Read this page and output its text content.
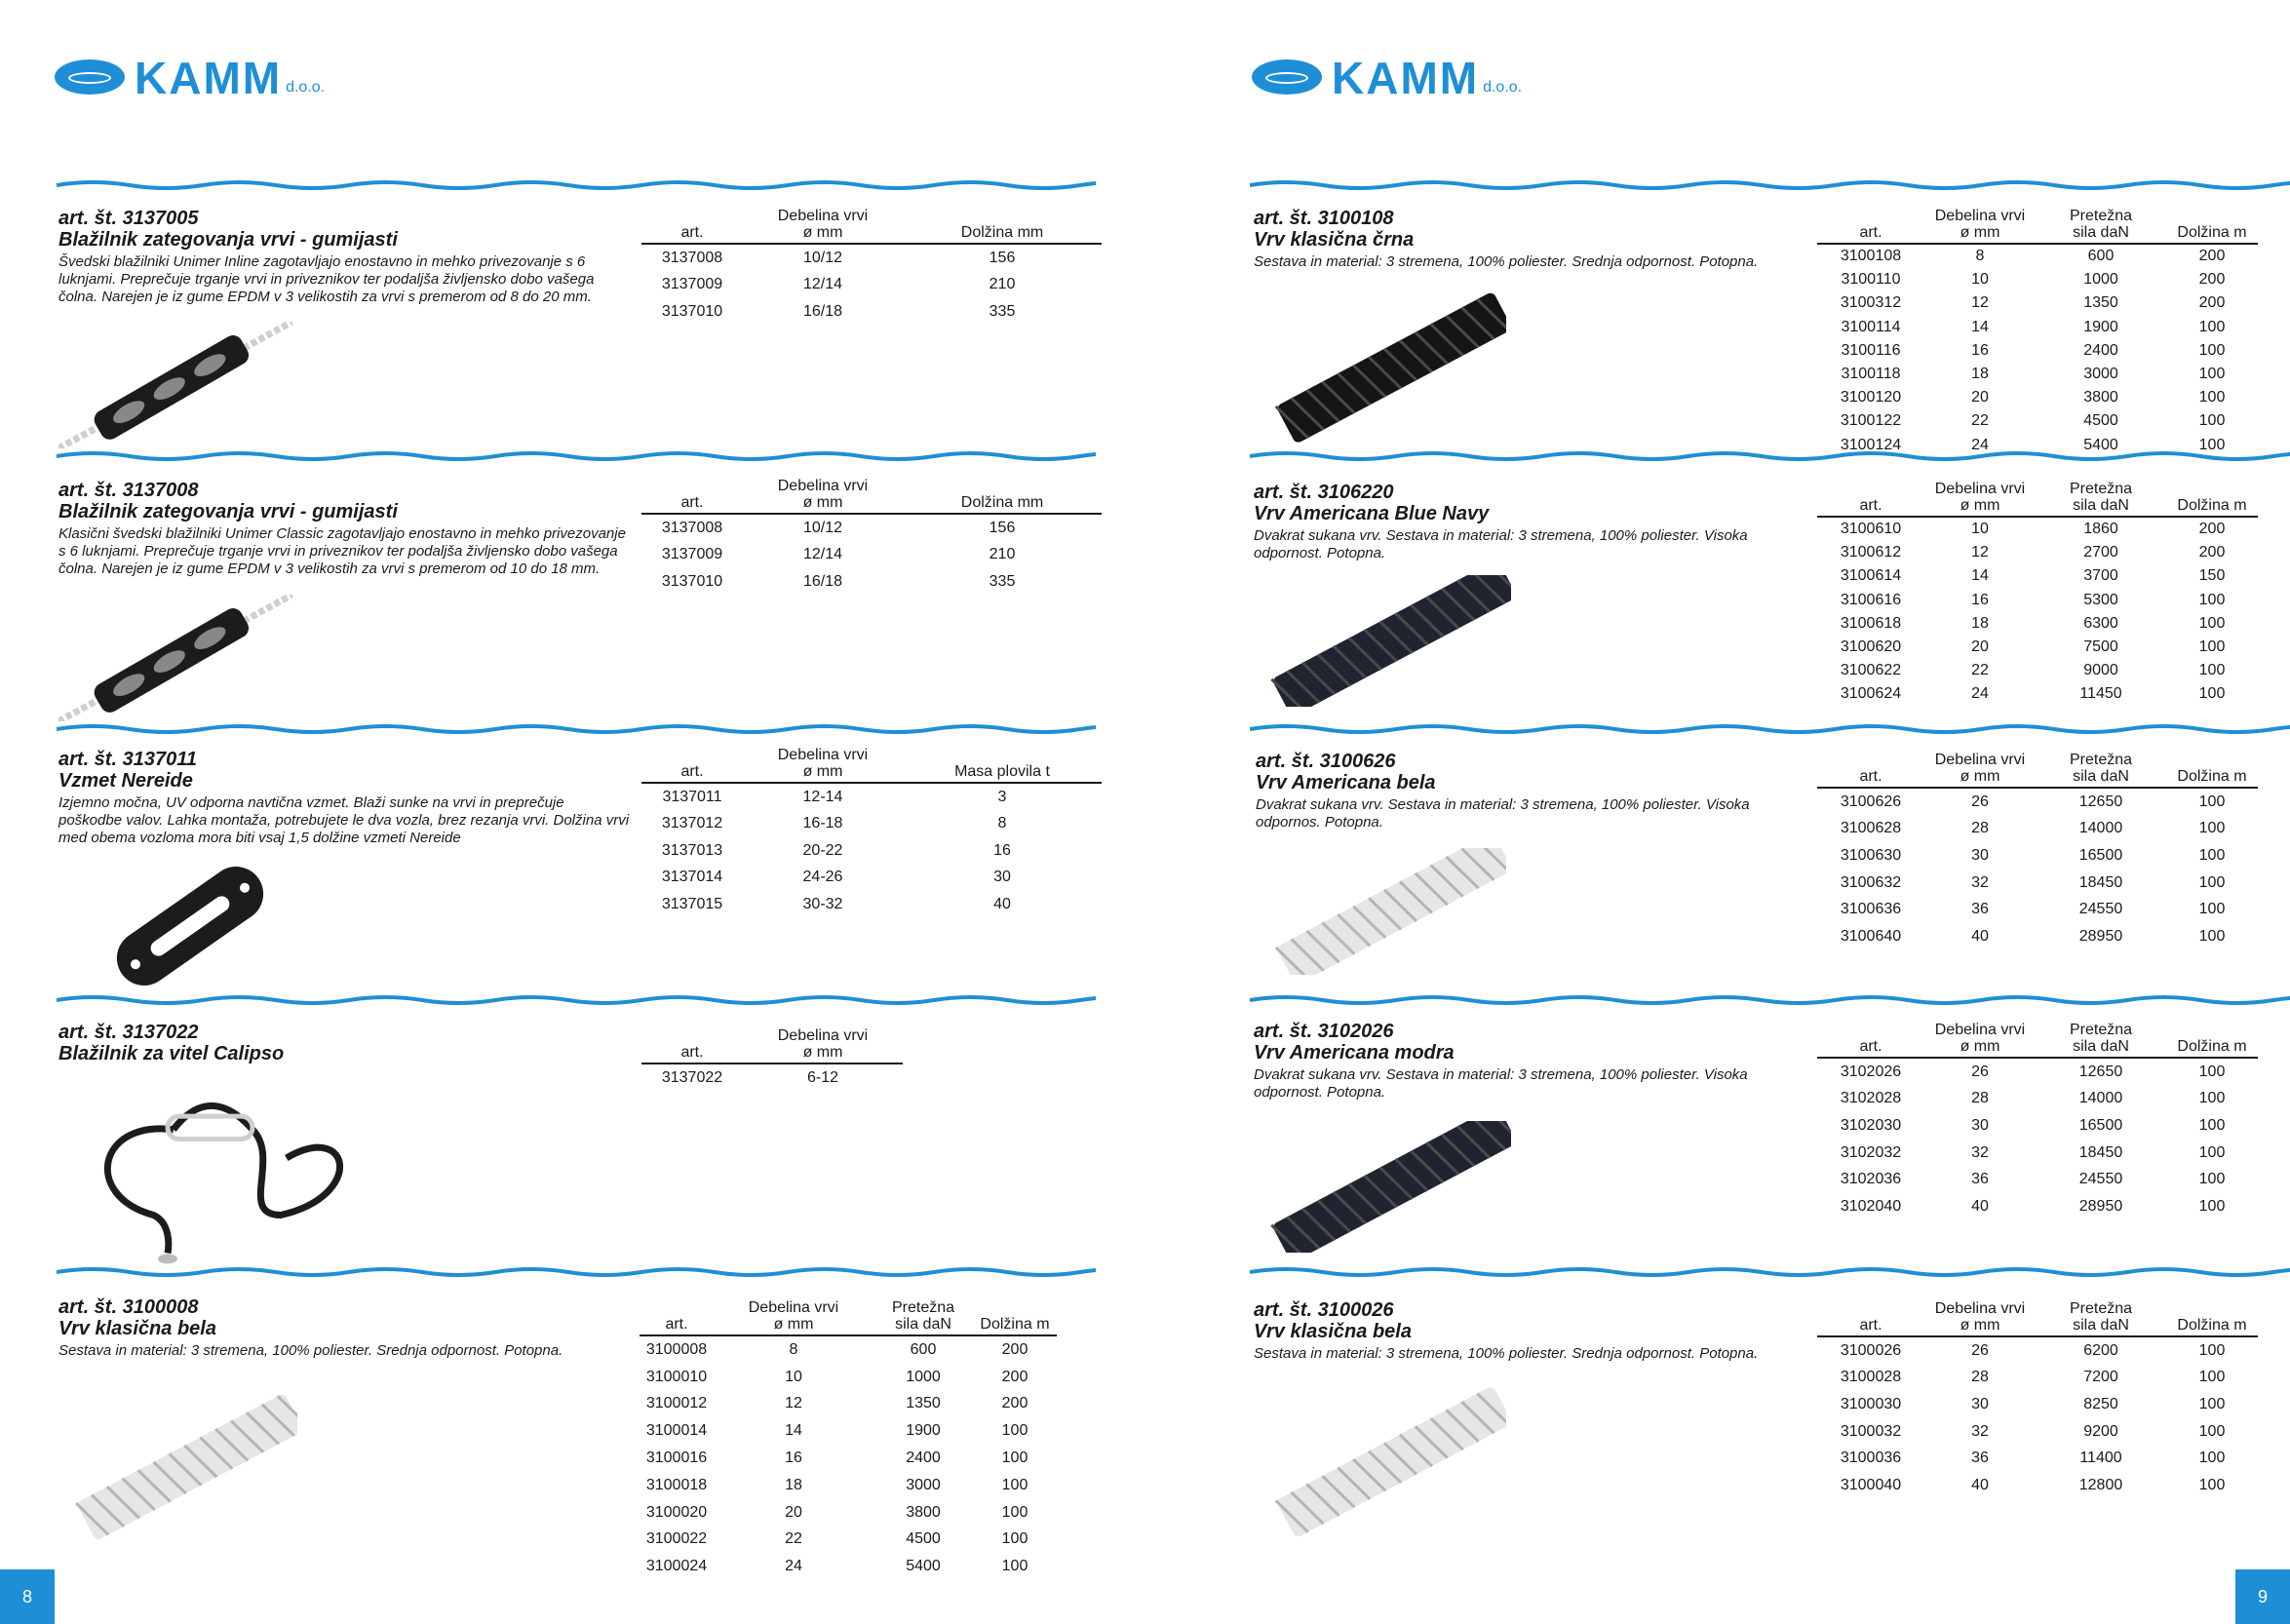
KAMM d.o.o.	KAMM d.o.o.
art. št. 3137005
Blažilnik zategovanja vrvi - gumijasti
Švedski blažilniki Unimer Inline zagotavljajo enostavno in mehko privezovanje s 6 luknjami. Preprečuje trganje vrvi in priveznikov ter podaljša življensko dobo vašega čolna. Narejen je iz gume EPDM v 3 velikostih za vrvi s premerom od 8 do 20 mm.
art.	Debelina vrvi
ø mm	Dolžina mm
3137008	10/12	156
3137009	12/14	210
3137010	16/18	335
art. št. 3137008
Blažilnik zategovanja vrvi - gumijasti
Klasični švedski blažilniki Unimer Classic zagotavljajo enostavno in mehko privezovanje s 6 luknjami. Preprečuje trganje vrvi in priveznikov ter podaljša življensko dobo vašega čolna. Narejen je iz gume EPDM v 3 velikostih za vrvi s premerom od 10 do 18 mm.
art.	Debelina vrvi
ø mm	Dolžina mm
3137008	10/12	156
3137009	12/14	210
3137010	16/18	335
art. št. 3137011
Vzmet Nereide
Izjemno močna, UV odporna navtična vzmet. Blaži sunke na vrvi in preprečuje poškodbe valov. Lahka montaža, potrebujete le dva vozla, brez rezanja vrvi. Dolžina vrvi med obema vozloma mora biti vsaj 1,5 dolžine vzmeti Nereide
art.	Debelina vrvi
ø mm	Masa plovila t
3137011	12-14	3
3137012	16-18	8
3137013	20-22	16
3137014	24-26	30
3137015	30-32	40
art. št. 3137022
Blažilnik za vitel Calipso	art.	Debelina vrvi
ø mm
3137022	6-12
art. št. 3100008
Vrv klasična bela
Sestava in material: 3 stremena, 100% poliester. Srednja odpornost. Potopna.
art.	Debelina vrvi
ø mm	Pretežna
sila daN	Dolžina m
3100008	8	600	200
3100010	10	1000	200
3100012	12	1350	200
3100014	14	1900	100
3100016	16	2400	100
3100018	18	3000	100
3100020	20	3800	100
3100022	22	4500	100
3100024	24	5400	100
art. št. 3100108
Vrv klasična črna
Sestava in material: 3 stremena, 100% poliester. Srednja odpornost. Potopna.
art.	Debelina vrvi
ø mm	Pretežna
sila daN	Dolžina m
3100108	8	600	200
3100110	10	1000	200
3100312	12	1350	200
3100114	14	1900	100
3100116	16	2400	100
3100118	18	3000	100
3100120	20	3800	100
3100122	22	4500	100
3100124	24	5400	100
art. št. 3106220
Vrv Americana Blue Navy
Dvakrat sukana vrv. Sestava in material: 3 stremena, 100% poliester. Visoka odpornost. Potopna.
art.	Debelina vrvi
ø mm	Pretežna
sila daN	Dolžina m
3100610	10	1860	200
3100612	12	2700	200
3100614	14	3700	150
3100616	16	5300	100
3100618	18	6300	100
3100620	20	7500	100
3100622	22	9000	100
3100624	24	11450	100
art. št. 3100626
Vrv Americana bela
Dvakrat sukana vrv. Sestava in material: 3 stremena, 100% poliester. Visoka odpornos. Potopna.
art.	Debelina vrvi
ø mm	Pretežna
sila daN	Dolžina m
3100626	26	12650	100
3100628	28	14000	100
3100630	30	16500	100
3100632	32	18450	100
3100636	36	24550	100
3100640	40	28950	100
art. št. 3102026
Vrv Americana modra
Dvakrat sukana vrv. Sestava in material: 3 stremena, 100% poliester. Visoka odpornost. Potopna.
art.	Debelina vrvi
ø mm	Pretežna
sila daN	Dolžina m
3102026	26	12650	100
3102028	28	14000	100
3102030	30	16500	100
3102032	32	18450	100
3102036	36	24550	100
3102040	40	28950	100
art. št. 3100026
Vrv klasična bela
Sestava in material: 3 stremena, 100% poliester. Srednja odpornost. Potopna.
art.	Debelina vrvi
ø mm	Pretežna
sila daN	Dolžina m
3100026	26	6200	100
3100028	28	7200	100
3100030	30	8250	100
3100032	32	9200	100
3100036	36	11400	100
3100040	40	12800	100
8	9
